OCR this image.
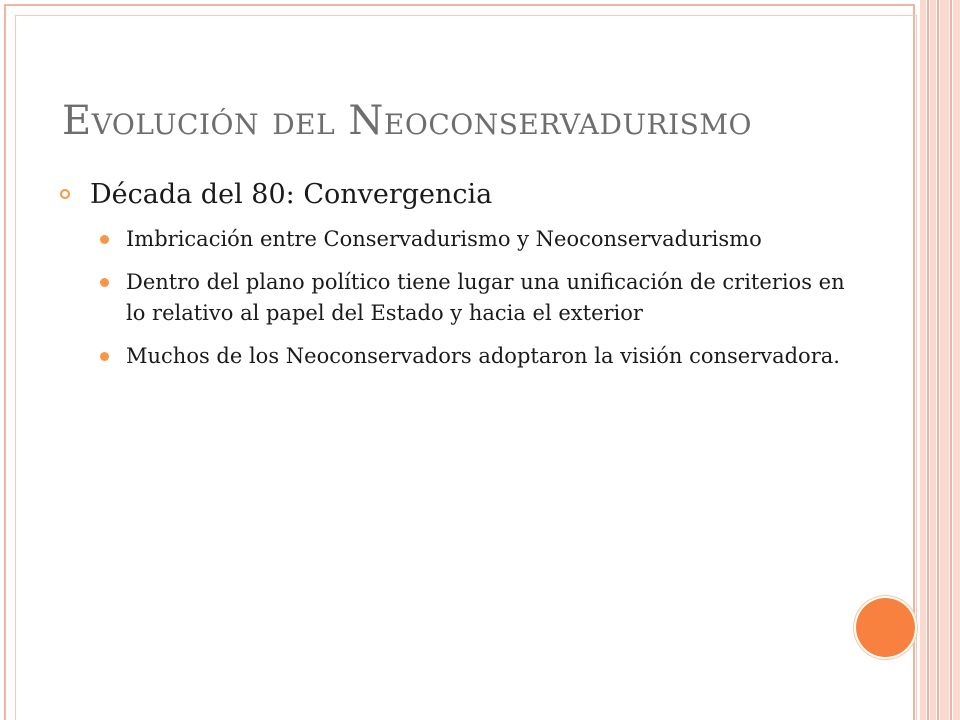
EVOLUCIÓN DEL NEOCONSERVADURISMO
Década del 80: Convergencia
Imbricación entre Conservadurismo y Neoconservadurismo
Dentro del plano político tiene lugar una unificación de criterios en lo relativo al papel del Estado y hacia el exterior
Muchos de los Neoconservadors adoptaron la visión conservadora.
